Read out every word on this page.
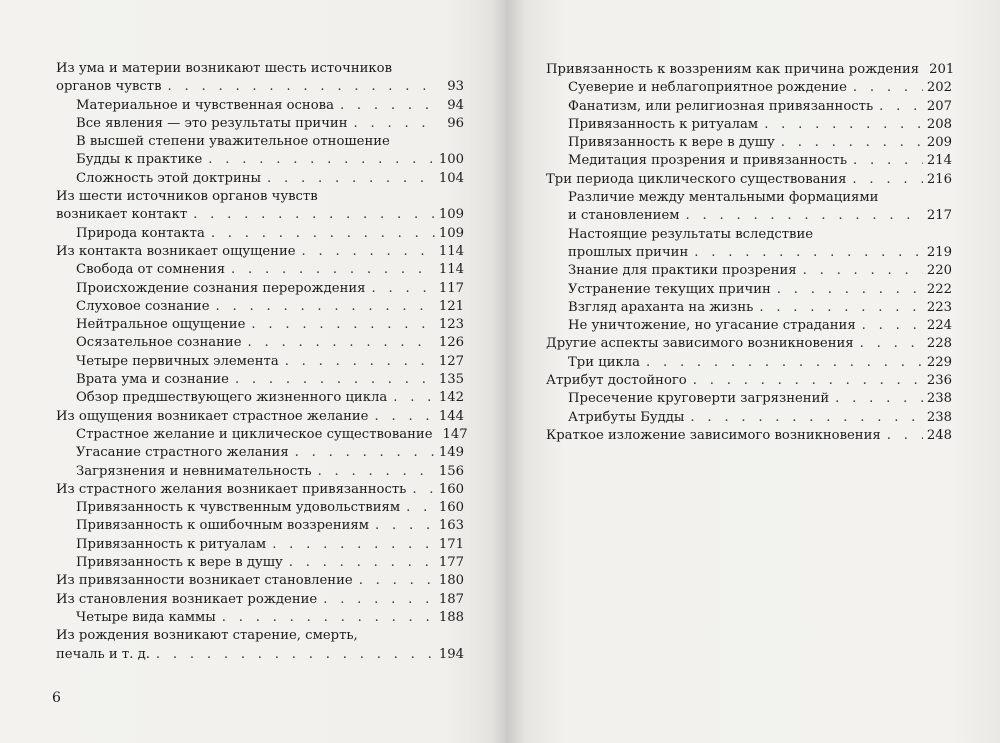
Из ума и материи возникают шесть источников
органов чувств . . .	93
Материальное и чувственная основа . . .	94
Все явления — это результаты причин . . .	96
В высшей степени уважительное отношение
Будды к практике . . .	100
Сложность этой доктрины . . .	104
Из шести источников органов чувств
возникает контакт . . .	109
Природа контакта . . .	109
Из контакта возникает ощущение . . .	114
Свобода от сомнения . . .	114
Происхождение сознания перерождения . . .	117
Слуховое сознание . . .	121
Нейтральное ощущение . . .	123
Осязательное сознание . . .	126
Четыре первичных элемента . . .	127
Врата ума и сознание . . .	135
Обзор предшествующего жизненного цикла . . .	142
Из ощущения возникает страстное желание . . .	144
Страстное желание и циклическое существование 147
Угасание страстного желания . . .	149
Загрязнения и невнимательность . . .	156
Из страстного желания возникает привязанность . . . 160
Привязанность к чувственным удовольствиям . . .	160
Привязанность к ошибочным воззрениям . . .	163
Привязанность к ритуалам . . .	171
Привязанность к вере в душу . . .	177
Из привязанности возникает становление . . .	180
Из становления возникает рождение . . .	187
Четыре вида каммы . . .	188
Из рождения возникают старение, смерть,
печаль и т. д. . . .	194
6
Привязанность к воззрениям как причина рождения 201
Суеверие и неблагоприятное рождение . . .	202
Фанатизм, или религиозная привязанность . . .	207
Привязанность к ритуалам . . .	208
Привязанность к вере в душу . . .	209
Медитация прозрения и привязанность . . .	214
Три периода циклического существования . . .	216
Различие между ментальными формациями
и становлением . . .	217
Настоящие результаты вследствие
прошлых причин . . .	219
Знание для практики прозрения . . .	220
Устранение текущих причин . . .	222
Взгляд араханта на жизнь . . .	223
Не уничтожение, но угасание страдания . . .	224
Другие аспекты зависимого возникновения . . .	228
Три цикла . . .	229
Атрибут достойного . . .	236
Пресечение круговерти загрязнений . . .	238
Атрибуты Будды . . .	238
Краткое изложение зависимого возникновения . . .	248
